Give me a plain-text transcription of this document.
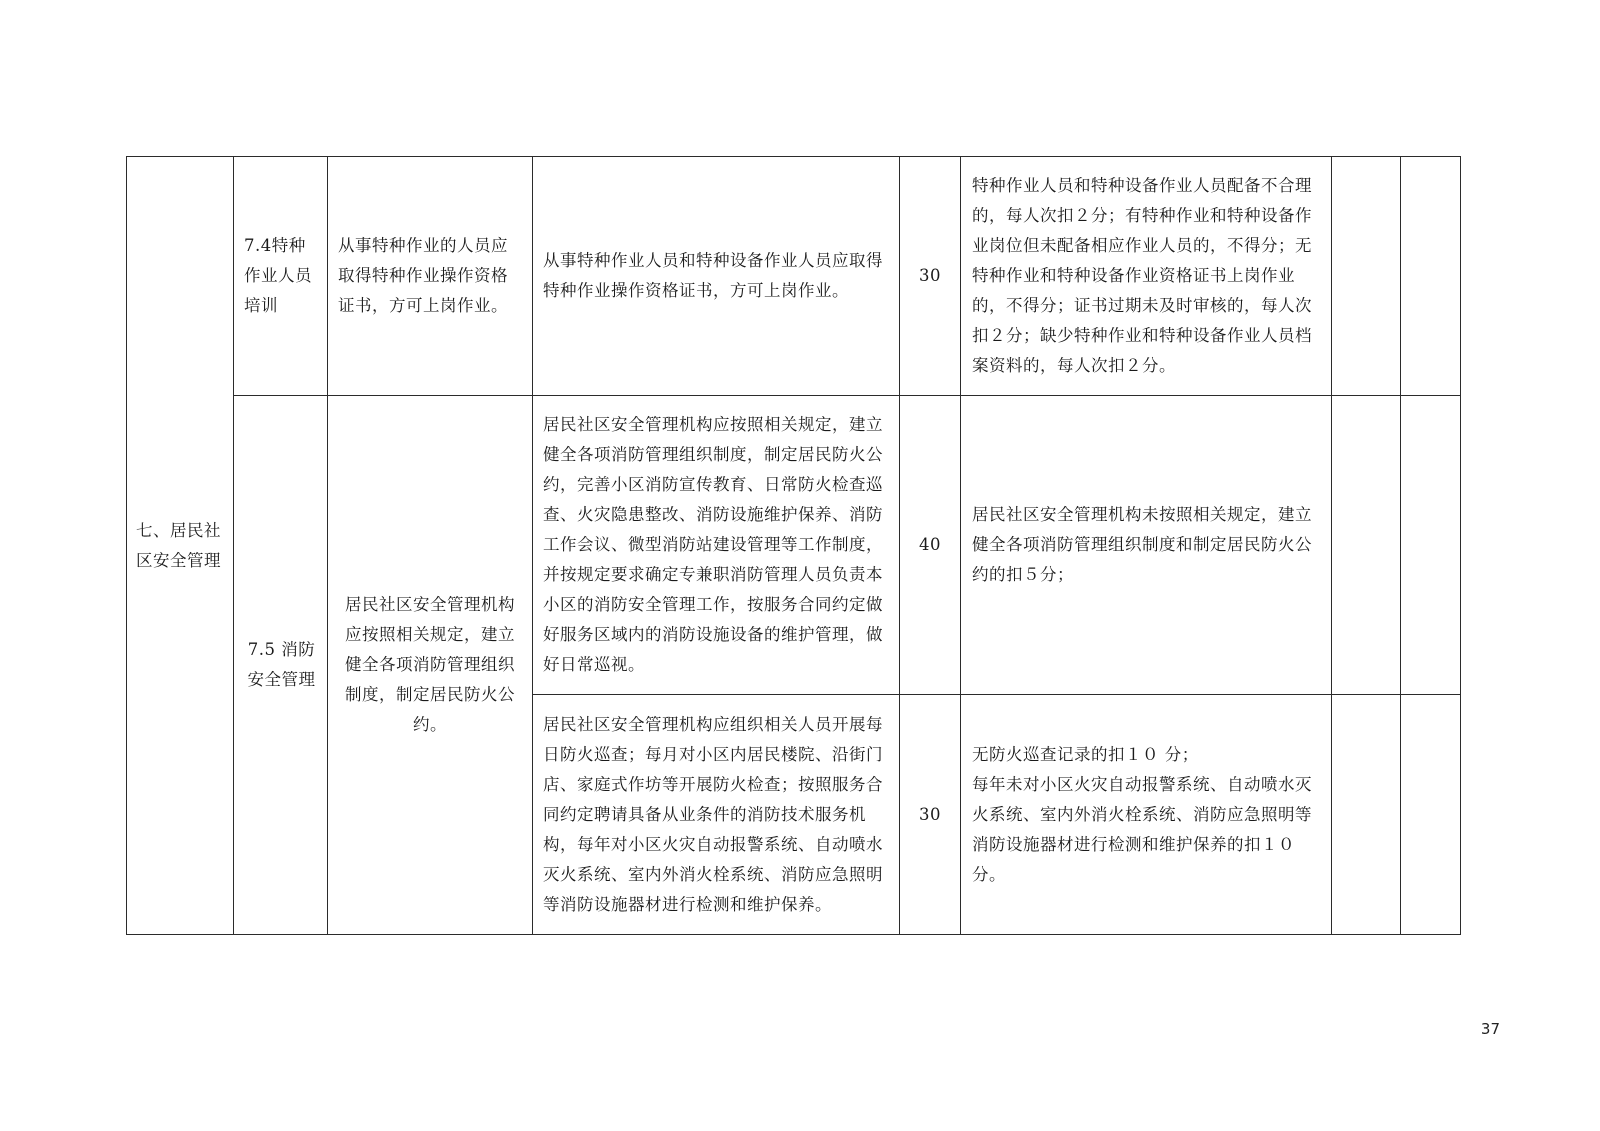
七、居民社区安全管理	7.4特种作业人员培训	从事特种作业的人员应取得特种作业操作资格证书，方可上岗作业。	从事特种作业人员和特种设备作业人员应取得特种作业操作资格证书，方可上岗作业。	30	特种作业人员和特种设备作业人员配备不合理的，每人次扣２分；有特种作业和特种设备作业岗位但未配备相应作业人员的，不得分；无特种作业和特种设备作业资格证书上岗作业的，不得分；证书过期未及时审核的，每人次扣２分；缺少特种作业和特种设备作业人员档案资料的，每人次扣２分。		

	7.5 消防安全管理	居民社区安全管理机构应按照相关规定，建立健全各项消防管理组织制度，制定居民防火公约。	居民社区安全管理机构应按照相关规定，建立健全各项消防管理组织制度，制定居民防火公约，完善小区消防宣传教育、日常防火检查巡查、火灾隐患整改、消防设施维护保养、消防工作会议、微型消防站建设管理等工作制度，并按规定要求确定专兼职消防管理人员负责本小区的消防安全管理工作，按服务合同约定做好服务区域内的消防设施设备的维护管理，做好日常巡视。	40	居民社区安全管理机构未按照相关规定，建立健全各项消防管理组织制度和制定居民防火公约的扣５分；		

			居民社区安全管理机构应组织相关人员开展每日防火巡查；每月对小区内居民楼院、沿街门店、家庭式作坊等开展防火检查；按照服务合同约定聘请具备从业条件的消防技术服务机构，每年对小区火灾自动报警系统、自动喷水灭火系统、室内外消火栓系统、消防应急照明等消防设施器材进行检测和维护保养。	30	无防火巡查记录的扣１０ 分；
每年未对小区火灾自动报警系统、自动喷水灭火系统、室内外消火栓系统、消防应急照明等消防设施器材进行检测和维护保养的扣１０分。		

37
